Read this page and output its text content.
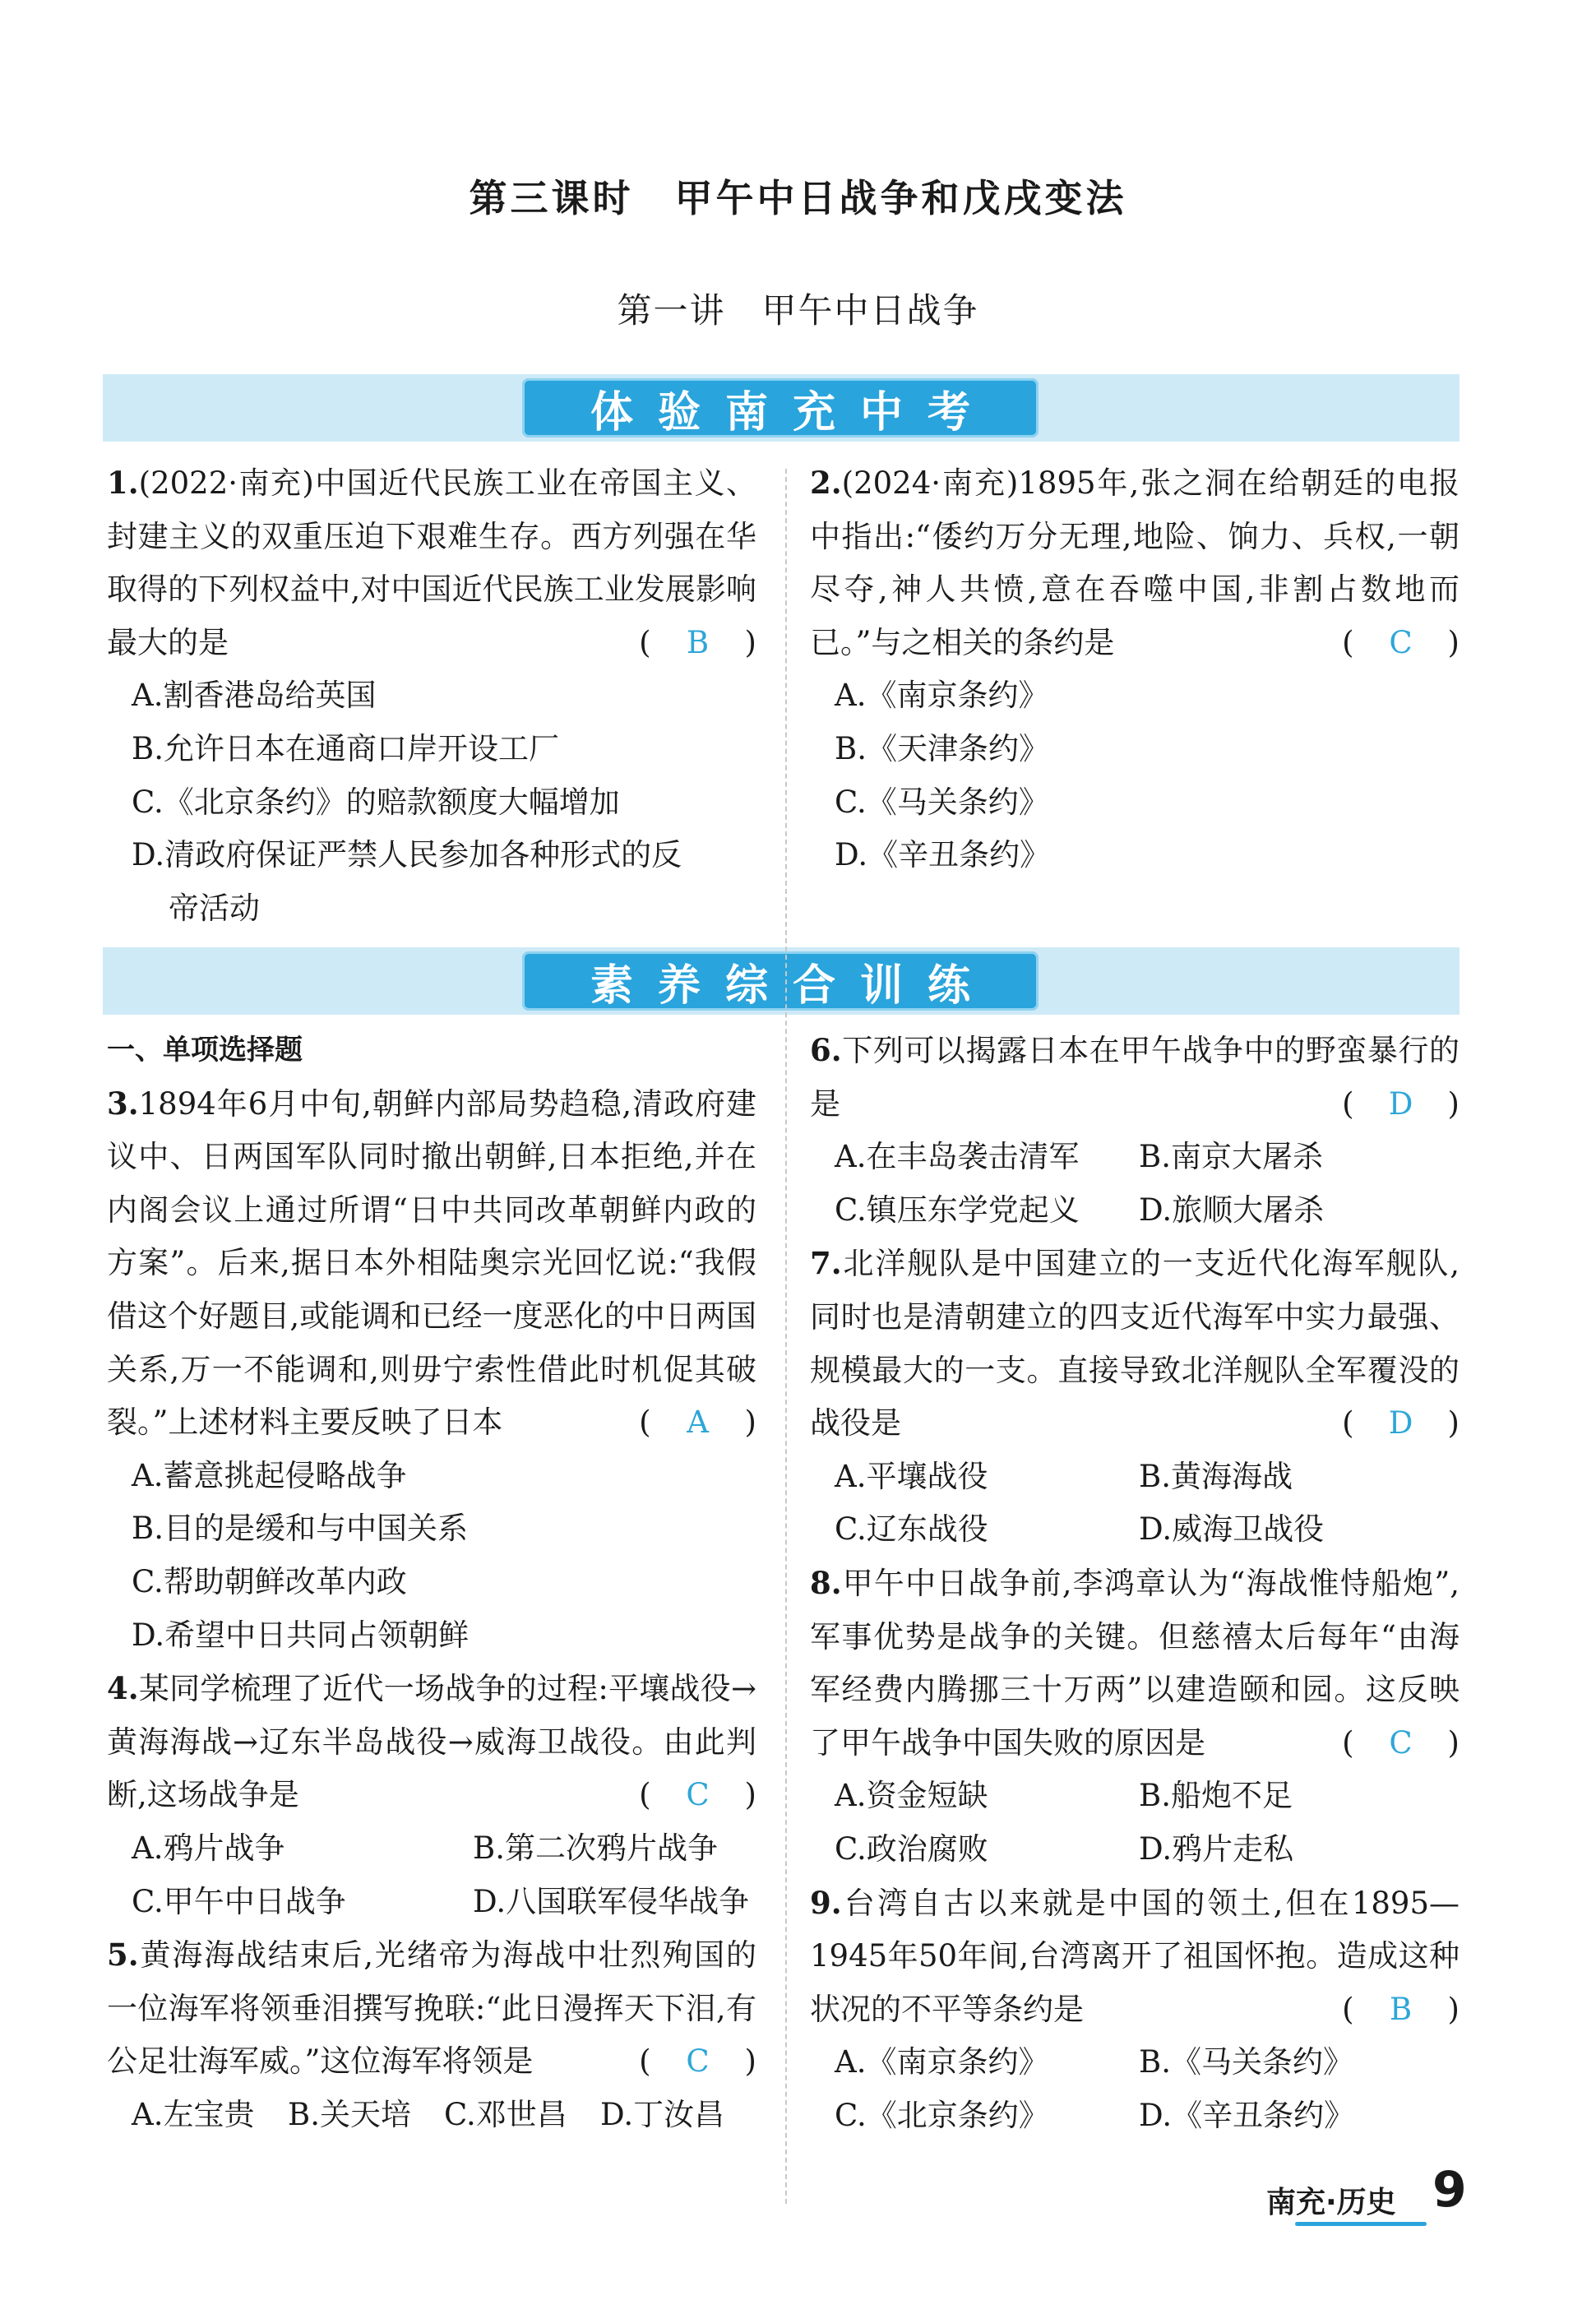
第三课时　甲午中日战争和戊戌变法
第一讲　甲午中日战争
体验南充中考
1.(2022·南充)中国近代民族工业在帝国主义、封建主义的双重压迫下艰难生存。西方列强在华取得的下列权益中,对中国近代民族工业发展影响最大的是	(　B　)
A.割香港岛给英国
B.允许日本在通商口岸开设工厂
C.《北京条约》的赔款额度大幅增加
D.清政府保证严禁人民参加各种形式的反
帝活动
2.(2024·南充)1895年,张之洞在给朝廷的电报中指出:“倭约万分无理,地险、饷力、兵权,一朝尽夺,神人共愤,意在吞噬中国,非割占数地而已。”与之相关的条约是	(　C　)
A.《南京条约》
B.《天津条约》
C.《马关条约》
D.《辛丑条约》
素养综合训练
一、单项选择题
3.1894年6月中旬,朝鲜内部局势趋稳,清政府建议中、日两国军队同时撤出朝鲜,日本拒绝,并在内阁会议上通过所谓“日中共同改革朝鲜内政的方案”。后来,据日本外相陆奥宗光回忆说:“我假借这个好题目,或能调和已经一度恶化的中日两国关系,万一不能调和,则毋宁索性借此时机促其破裂。”上述材料主要反映了日本	(　A　)
A.蓄意挑起侵略战争
B.目的是缓和与中国关系
C.帮助朝鲜改革内政
D.希望中日共同占领朝鲜
4.某同学梳理了近代一场战争的过程:平壤战役→黄海海战→辽东半岛战役→威海卫战役。由此判断,这场战争是	(　C　)
A.鸦片战争	B.第二次鸦片战争
C.甲午中日战争	D.八国联军侵华战争
5.黄海海战结束后,光绪帝为海战中壮烈殉国的一位海军将领垂泪撰写挽联:“此日漫挥天下泪,有公足壮海军威。”这位海军将领是	(　C　)
A.左宝贵	B.关天培	C.邓世昌	D.丁汝昌
6.下列可以揭露日本在甲午战争中的野蛮暴行的是	(　D　)
A.在丰岛袭击清军	B.南京大屠杀
C.镇压东学党起义	D.旅顺大屠杀
7.北洋舰队是中国建立的一支近代化海军舰队,同时也是清朝建立的四支近代海军中实力最强、规模最大的一支。直接导致北洋舰队全军覆没的战役是	(　D　)
A.平壤战役	B.黄海海战
C.辽东战役	D.威海卫战役
8.甲午中日战争前,李鸿章认为“海战惟恃船炮”,军事优势是战争的关键。但慈禧太后每年“由海军经费内腾挪三十万两”以建造颐和园。这反映了甲午战争中国失败的原因是	(　C　)
A.资金短缺	B.船炮不足
C.政治腐败	D.鸦片走私
9.台湾自古以来就是中国的领土,但在1895—1945年50年间,台湾离开了祖国怀抱。造成这种状况的不平等条约是	(　B　)
A.《南京条约》	B.《马关条约》
C.《北京条约》	D.《辛丑条约》
南充·历史 9
